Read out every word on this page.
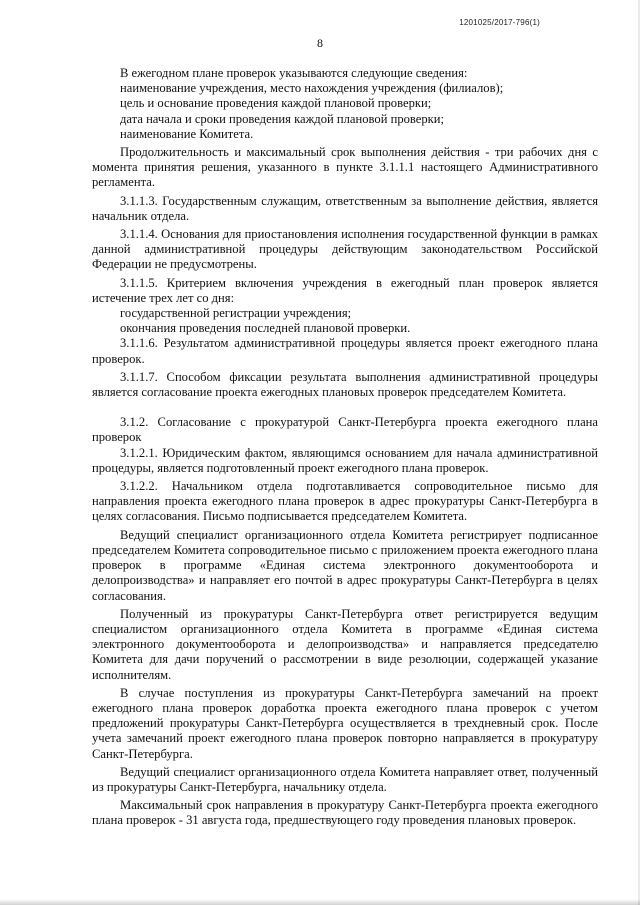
1201025/2017-796(1)
8

В ежегодном плане проверок указываются следующие сведения:

наименование учреждения, место нахождения учреждения (филиалов);

цель и основание проведения каждой плановой проверки;

дата начала и сроки проведения каждой плановой проверки;

наименование Комитета.

Продолжительность и максимальный срок выполнения действия - три рабочих дня с момента принятия решения, указанного в пункте 3.1.1.1 настоящего Административного регламента.

3.1.1.3. Государственным служащим, ответственным за выполнение действия, является начальник отдела.

3.1.1.4. Основания для приостановления исполнения государственной функции в рамках данной административной процедуры действующим законодательством Российской Федерации не предусмотрены.

3.1.1.5. Критерием включения учреждения в ежегодный план проверок является истечение трех лет со дня:

государственной регистрации учреждения;

окончания проведения последней плановой проверки.

3.1.1.6. Результатом административной процедуры является проект ежегодного плана проверок.

3.1.1.7. Способом фиксации результата выполнения административной процедуры является согласование проекта ежегодных плановых проверок председателем Комитета.

3.1.2. Согласование с прокуратурой Санкт-Петербурга проекта ежегодного плана проверок

3.1.2.1. Юридическим фактом, являющимся основанием для начала административной процедуры, является подготовленный проект ежегодного плана проверок.

3.1.2.2. Начальником отдела подготавливается сопроводительное письмо для направления проекта ежегодного плана проверок в адрес прокуратуры Санкт-Петербурга в целях согласования. Письмо подписывается председателем Комитета.

Ведущий специалист организационного отдела Комитета регистрирует подписанное председателем Комитета сопроводительное письмо с приложением проекта ежегодного плана проверок в программе «Единая система электронного документооборота и делопроизводства» и направляет его почтой в адрес прокуратуры Санкт-Петербурга в целях согласования.

Полученный из прокуратуры Санкт-Петербурга ответ регистрируется ведущим специалистом организационного отдела Комитета в программе «Единая система электронного документооборота и делопроизводства» и направляется председателю Комитета для дачи поручений о рассмотрении в виде резолюции, содержащей указание исполнителям.

В случае поступления из прокуратуры Санкт-Петербурга замечаний на проект ежегодного плана проверок доработка проекта ежегодного плана проверок с учетом предложений прокуратуры Санкт-Петербурга осуществляется в трехдневный срок. После учета замечаний проект ежегодного плана проверок повторно направляется в прокуратуру Санкт-Петербурга.

Ведущий специалист организационного отдела Комитета направляет ответ, полученный из прокуратуры Санкт-Петербурга, начальнику отдела.

Максимальный срок направления в прокуратуру Санкт-Петербурга проекта ежегодного плана проверок - 31 августа года, предшествующего году проведения плановых проверок.
